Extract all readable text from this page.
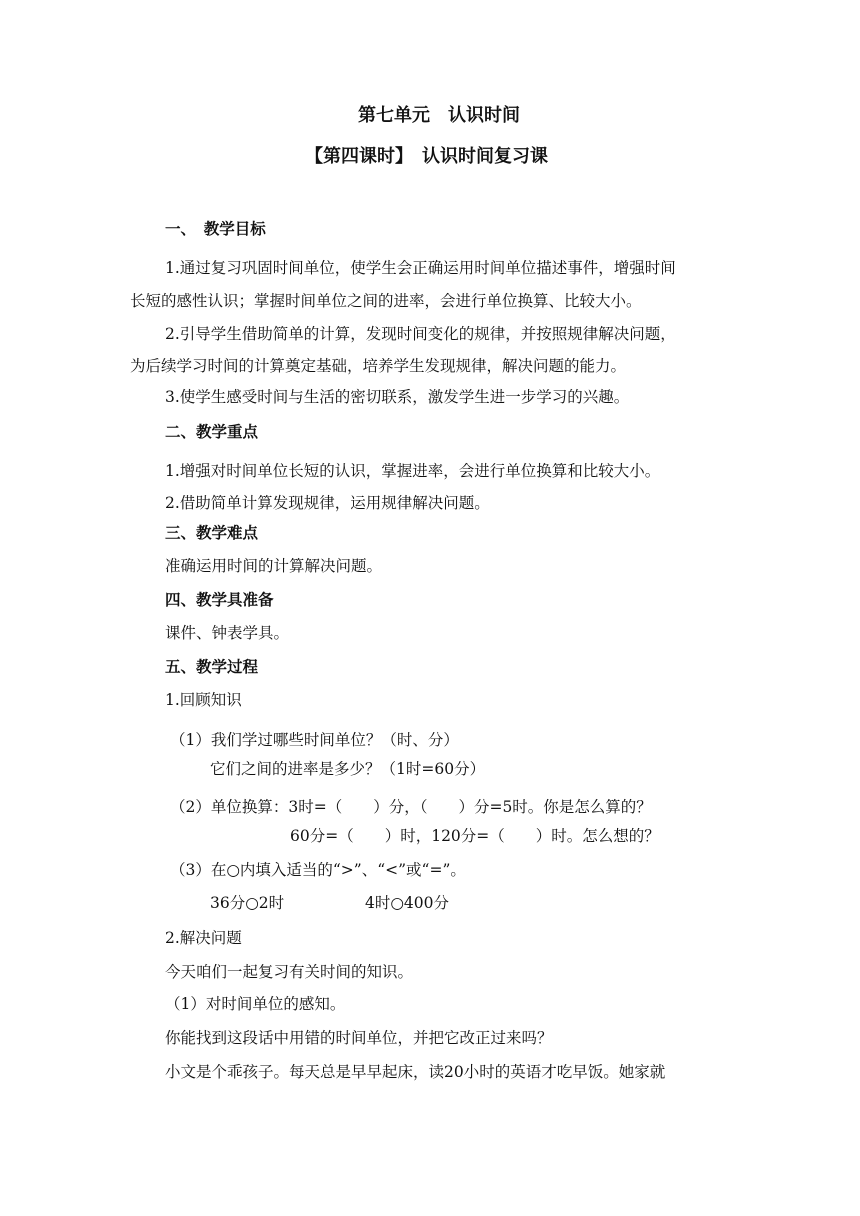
第七单元　认识时间
【第四课时】　认识时间复习课
一、　教学目标
1.通过复习巩固时间单位，使学生会正确运用时间单位描述事件，增强时间
长短的感性认识；掌握时间单位之间的进率，会进行单位换算、比较大小。
2.引导学生借助简单的计算，发现时间变化的规律，并按照规律解决问题，
为后续学习时间的计算奠定基础，培养学生发现规律，解决问题的能力。
3.使学生感受时间与生活的密切联系，激发学生进一步学习的兴趣。
二、教学重点
1.增强对时间单位长短的认识，掌握进率，会进行单位换算和比较大小。
2.借助简单计算发现规律，运用规律解决问题。
三、教学难点
准确运用时间的计算解决问题。
四、教学具准备
课件、钟表学具。
五、教学过程
1.回顾知识
（1）我们学过哪些时间单位？（时、分）
它们之间的进率是多少？（1时=60分）
（2）单位换算：3时=（　　）分，（　　）分=5时。你是怎么算的？
60分=（　　）时，120分=（　　）时。怎么想的？
（3）在○内填入适当的“>”、“<”或“=”。
36分○2时	4时○400分
2.解决问题
今天咱们一起复习有关时间的知识。
（1）对时间单位的感知。
你能找到这段话中用错的时间单位，并把它改正过来吗？
小文是个乖孩子。每天总是早早起床，读20小时的英语才吃早饭。她家就
